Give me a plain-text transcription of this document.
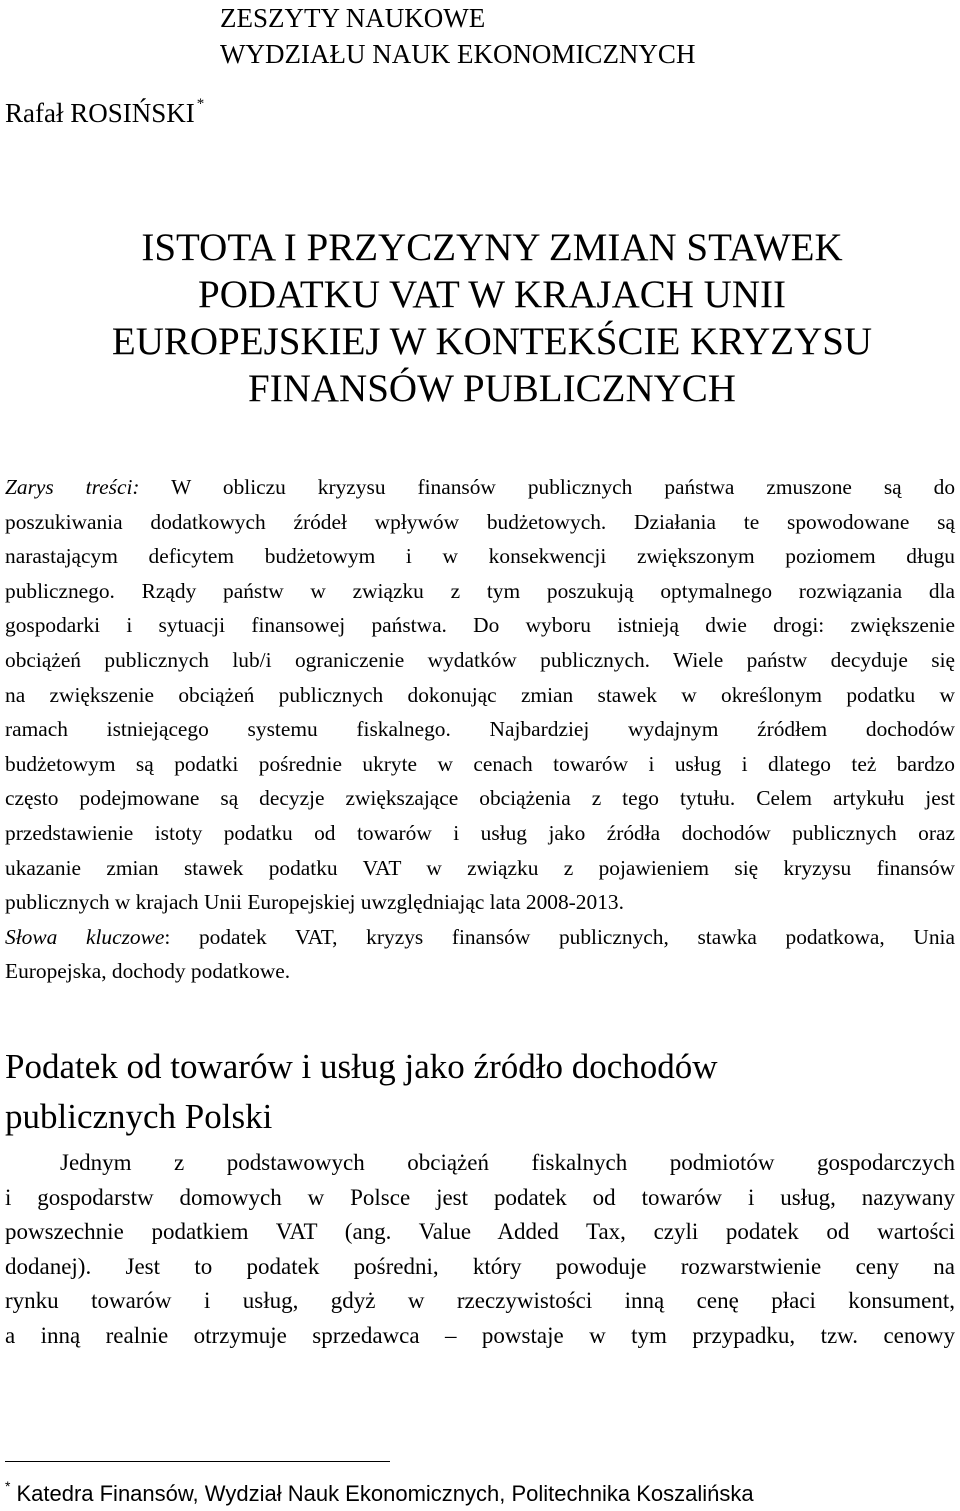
ZESZYTY NAUKOWE
WYDZIAŁU NAUK EKONOMICZNYCH
Rafał ROSIŃSKI *
ISTOTA I PRZYCZYNY ZMIAN STAWEK
PODATKU VAT W KRAJACH UNII
EUROPEJSKIEJ W KONTEKŚCIE KRYZYSU
FINANSÓW PUBLICZNYCH
Zarys treści: W obliczu kryzysu finansów publicznych państwa zmuszone są do
poszukiwania dodatkowych źródeł wpływów budżetowych. Działania te spowodowane są
narastającym deficytem budżetowym i w konsekwencji zwiększonym poziomem długu
publicznego. Rządy państw w związku z tym poszukują optymalnego rozwiązania dla
gospodarki i sytuacji finansowej państwa. Do wyboru istnieją dwie drogi: zwiększenie
obciążeń publicznych lub/i ograniczenie wydatków publicznych. Wiele państw decyduje się
na zwiększenie obciążeń publicznych dokonując zmian stawek w określonym podatku w
ramach istniejącego systemu fiskalnego. Najbardziej wydajnym źródłem dochodów
budżetowym są podatki pośrednie ukryte w cenach towarów i usług i dlatego też bardzo
często podejmowane są decyzje zwiększające obciążenia z tego tytułu. Celem artykułu jest
przedstawienie istoty podatku od towarów i usług jako źródła dochodów publicznych oraz
ukazanie zmian stawek podatku VAT w związku z pojawieniem się kryzysu finansów
publicznych w krajach Unii Europejskiej uwzględniając lata 2008-2013.
Słowa kluczowe: podatek VAT, kryzys finansów publicznych, stawka podatkowa, Unia
Europejska, dochody podatkowe.
Podatek od towarów i usług jako źródło dochodów
publicznych Polski
Jednym z podstawowych obciążeń fiskalnych podmiotów gospodarczych
i gospodarstw domowych w Polsce jest podatek od towarów i usług, nazywany
powszechnie podatkiem VAT (ang. Value Added Tax, czyli podatek od wartości
dodanej). Jest to podatek pośredni, który powoduje rozwarstwienie ceny na
rynku towarów i usług, gdyż w rzeczywistości inną cenę płaci konsument,
a inną realnie otrzymuje sprzedawca – powstaje w tym przypadku, tzw. cenowy
* Katedra Finansów, Wydział Nauk Ekonomicznych, Politechnika Koszalińska
